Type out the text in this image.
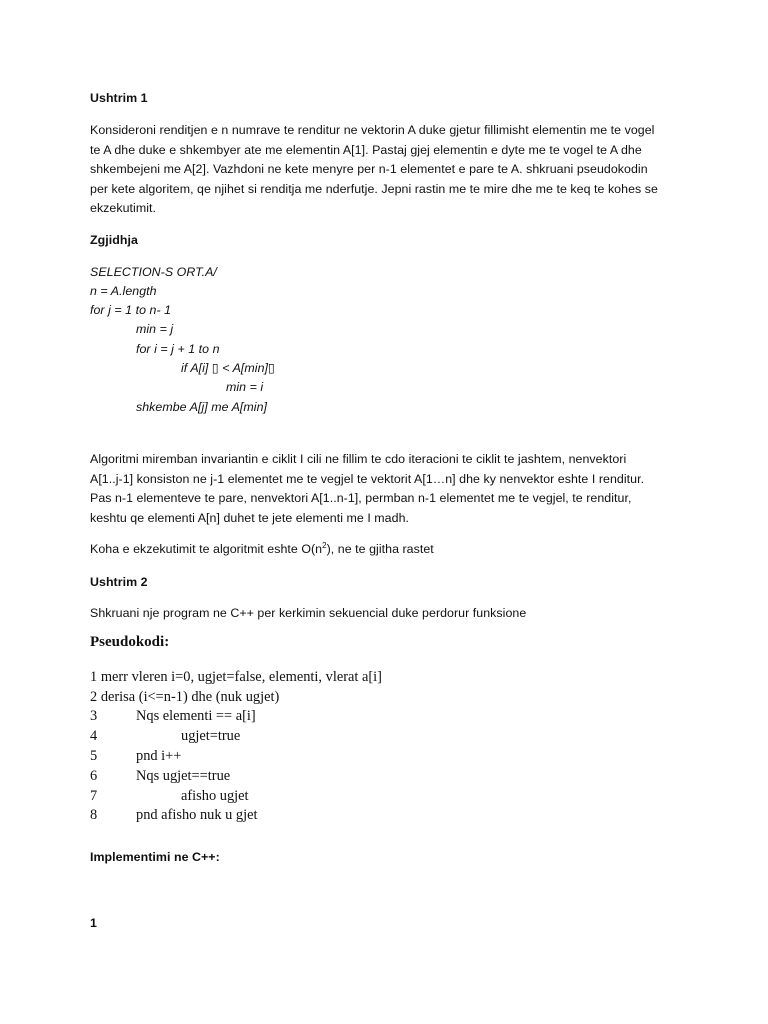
Ushtrim 1
Konsideroni renditjen e n numrave te renditur ne vektorin A duke gjetur fillimisht elementin me te vogel
te A dhe duke e shkembyer ate me elementin A[1]. Pastaj gjej elementin e dyte me te vogel te A dhe
shkembejeni me A[2]. Vazhdoni ne kete menyre per n-1 elementet e pare te A. shkruani pseudokodin
per kete algoritem, qe njihet si renditja me nderfutje. Jepni rastin me te mire dhe me te keq te kohes se
ekzekutimit.
Zgjidhja
SELECTION-S ORT.A/
n = A.length
for j = 1 to n- 1
min = j
for i = j + 1 to n
if A[i] ▯ < A[min]▯
min = i
shkembe A[j] me A[min]
Algoritmi miremban invariantin e ciklit I cili ne fillim te cdo iteracioni te ciklit te jashtem, nenvektori
A[1..j-1] konsiston ne j-1 elementet me te vegjel te vektorit A[1…n] dhe ky nenvektor eshte I renditur.
Pas n-1 elementeve te pare, nenvektori A[1..n-1], permban n-1 elementet me te vegjel, te renditur,
keshtu qe elementi A[n] duhet te jete elementi me I madh.
Koha e ekzekutimit te algoritmit eshte $O(n^2)$, ne te gjitha rastet
Ushtrim 2
Shkruani nje program ne C++ per kerkimin sekuencial duke perdorur funksione
Pseudokodi:
1 merr vleren i=0, ugjet=false, elementi, vlerat a[i]
2 derisa (i<=n-1) dhe (nuk ugjet)
3	Nqs elementi == a[i]
4	ugjet=true
5	pnd i++
6	Nqs ugjet==true
7	afisho ugjet
8	pnd afisho nuk u gjet
Implementimi ne C++:
1
